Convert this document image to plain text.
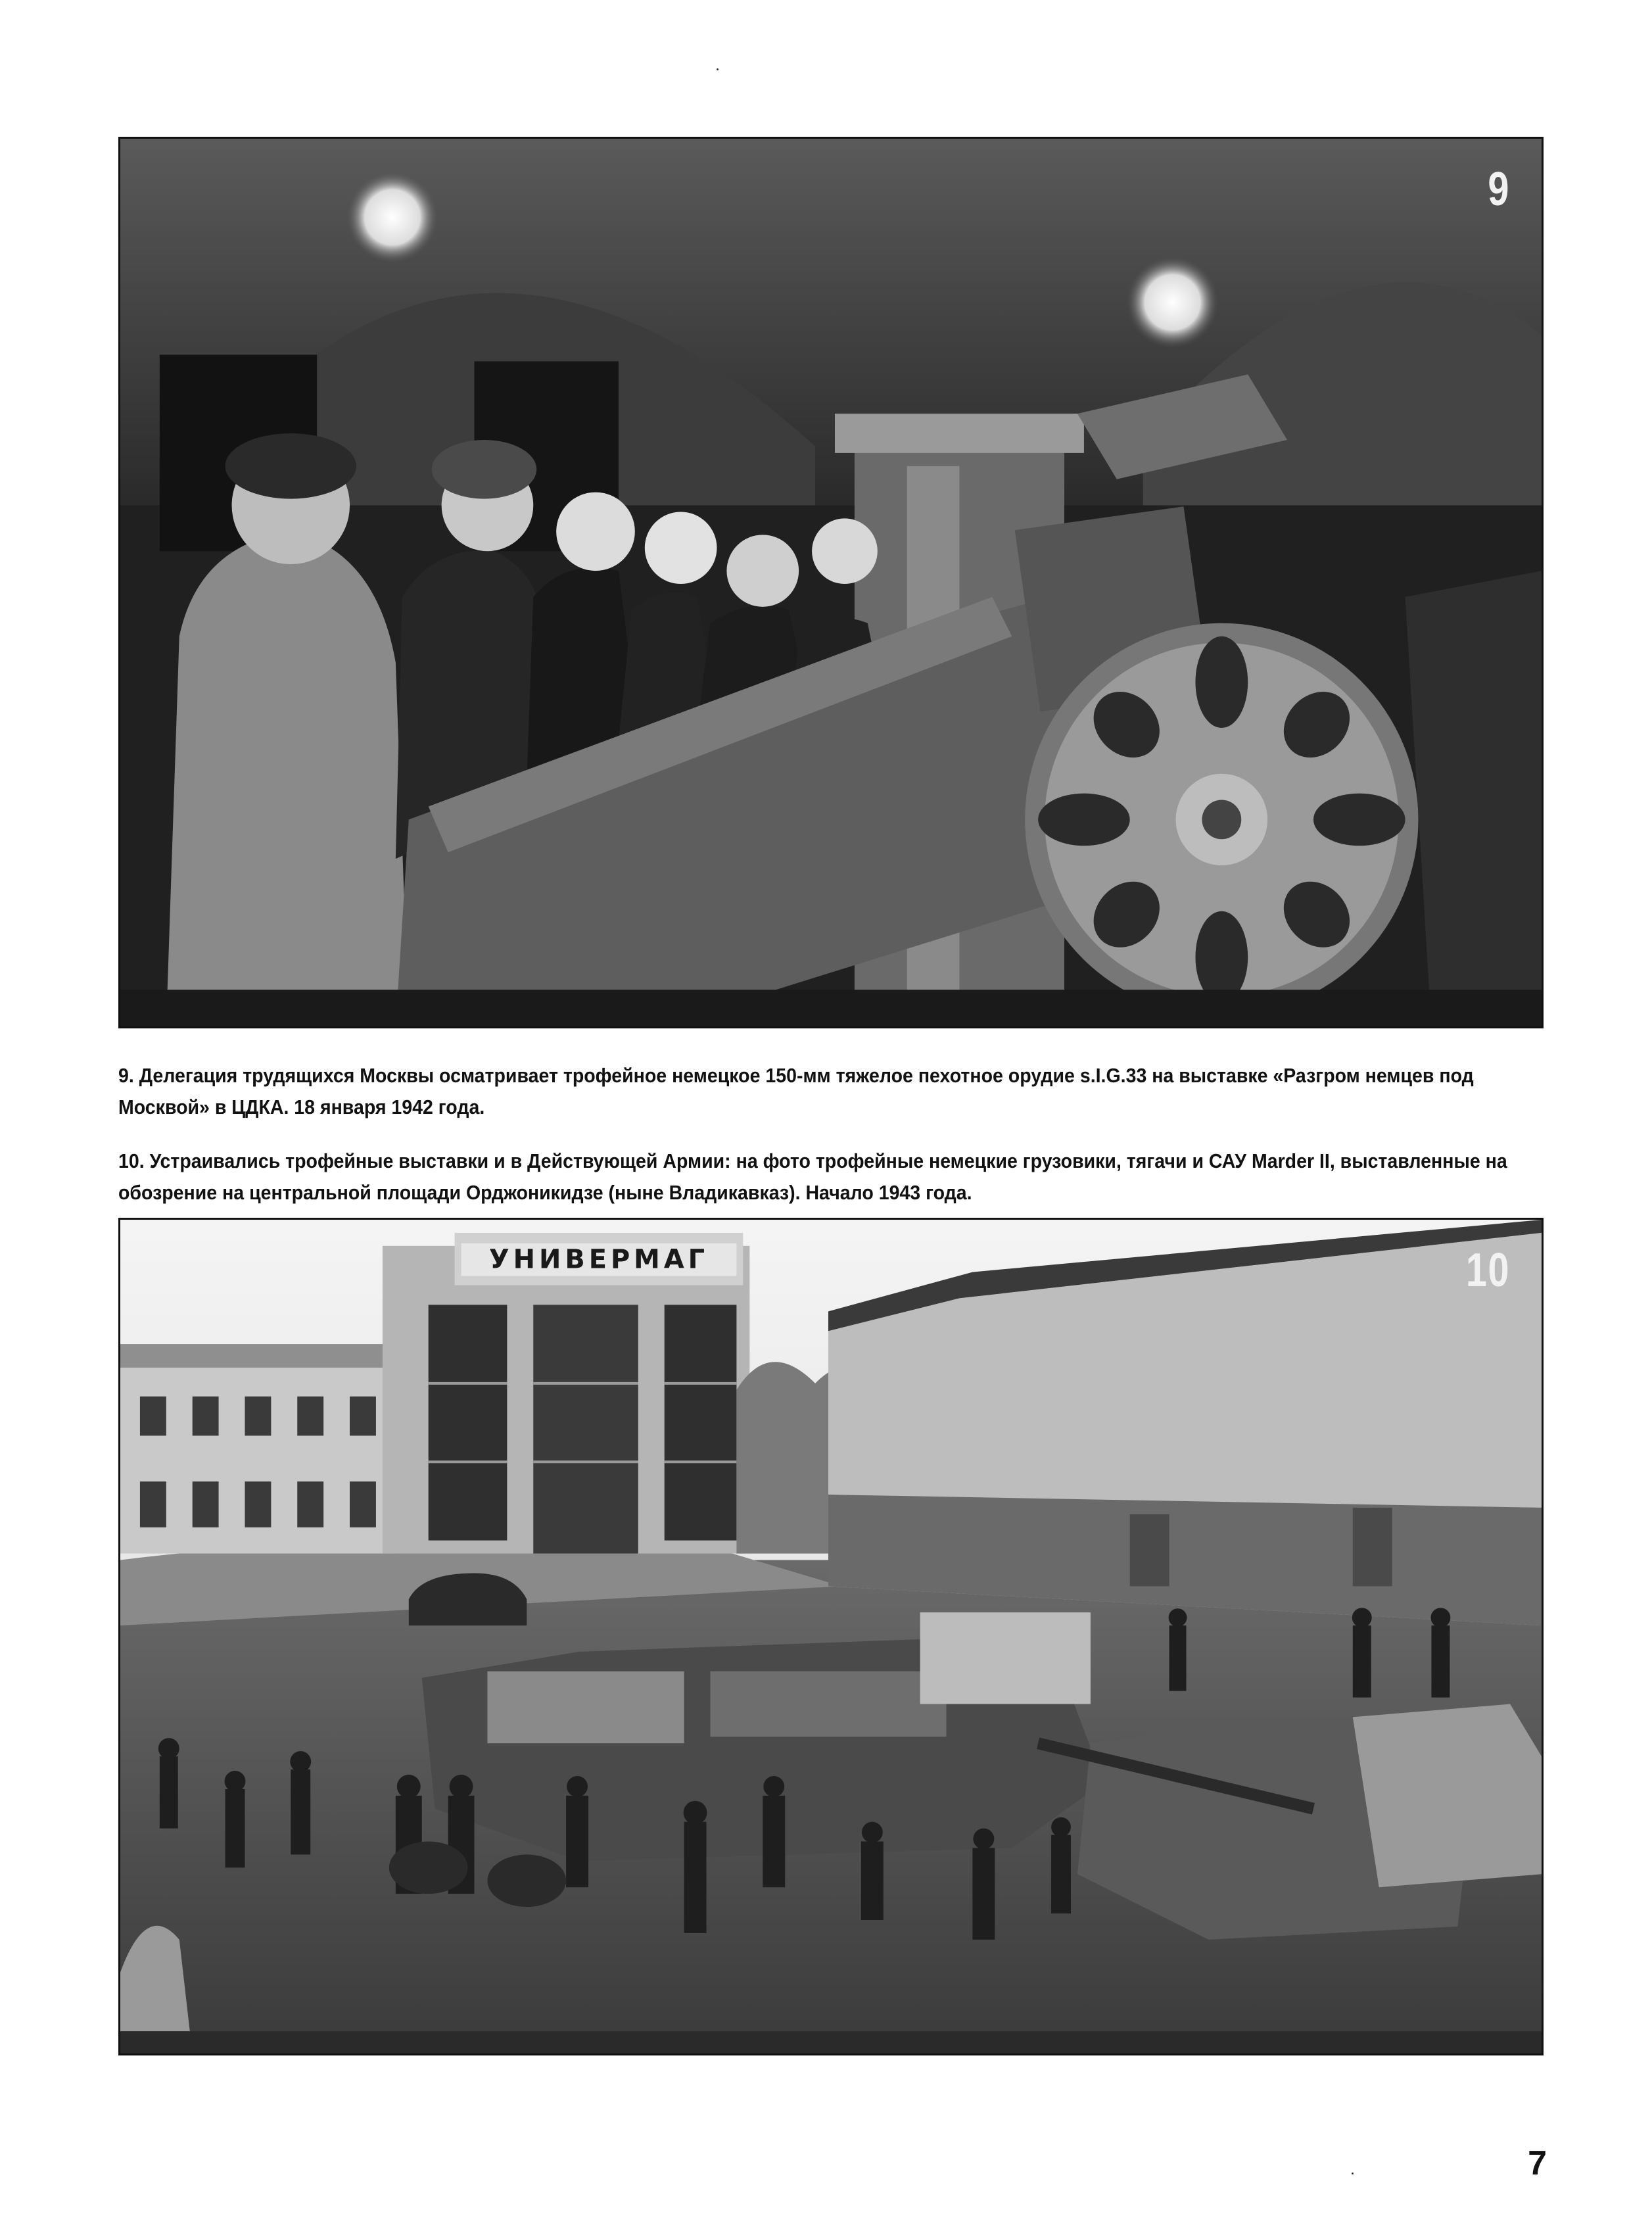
9
9. Делегация трудящихся Москвы осматривает трофейное немецкое 150-мм тяжелое пехотное орудие s.I.G.33 на выставке «Разгром немцев под Москвой» в ЦДКА. 18 января 1942 года.
10. Устраивались трофейные выставки и в Действующей Армии: на фото трофейные немецкие грузовики, тягачи и САУ Marder II, выставленные на обозрение на центральной площади Орджоникидзе (ныне Владикавказ). Начало 1943 года.
УНИВЕРМАГ	10
7
